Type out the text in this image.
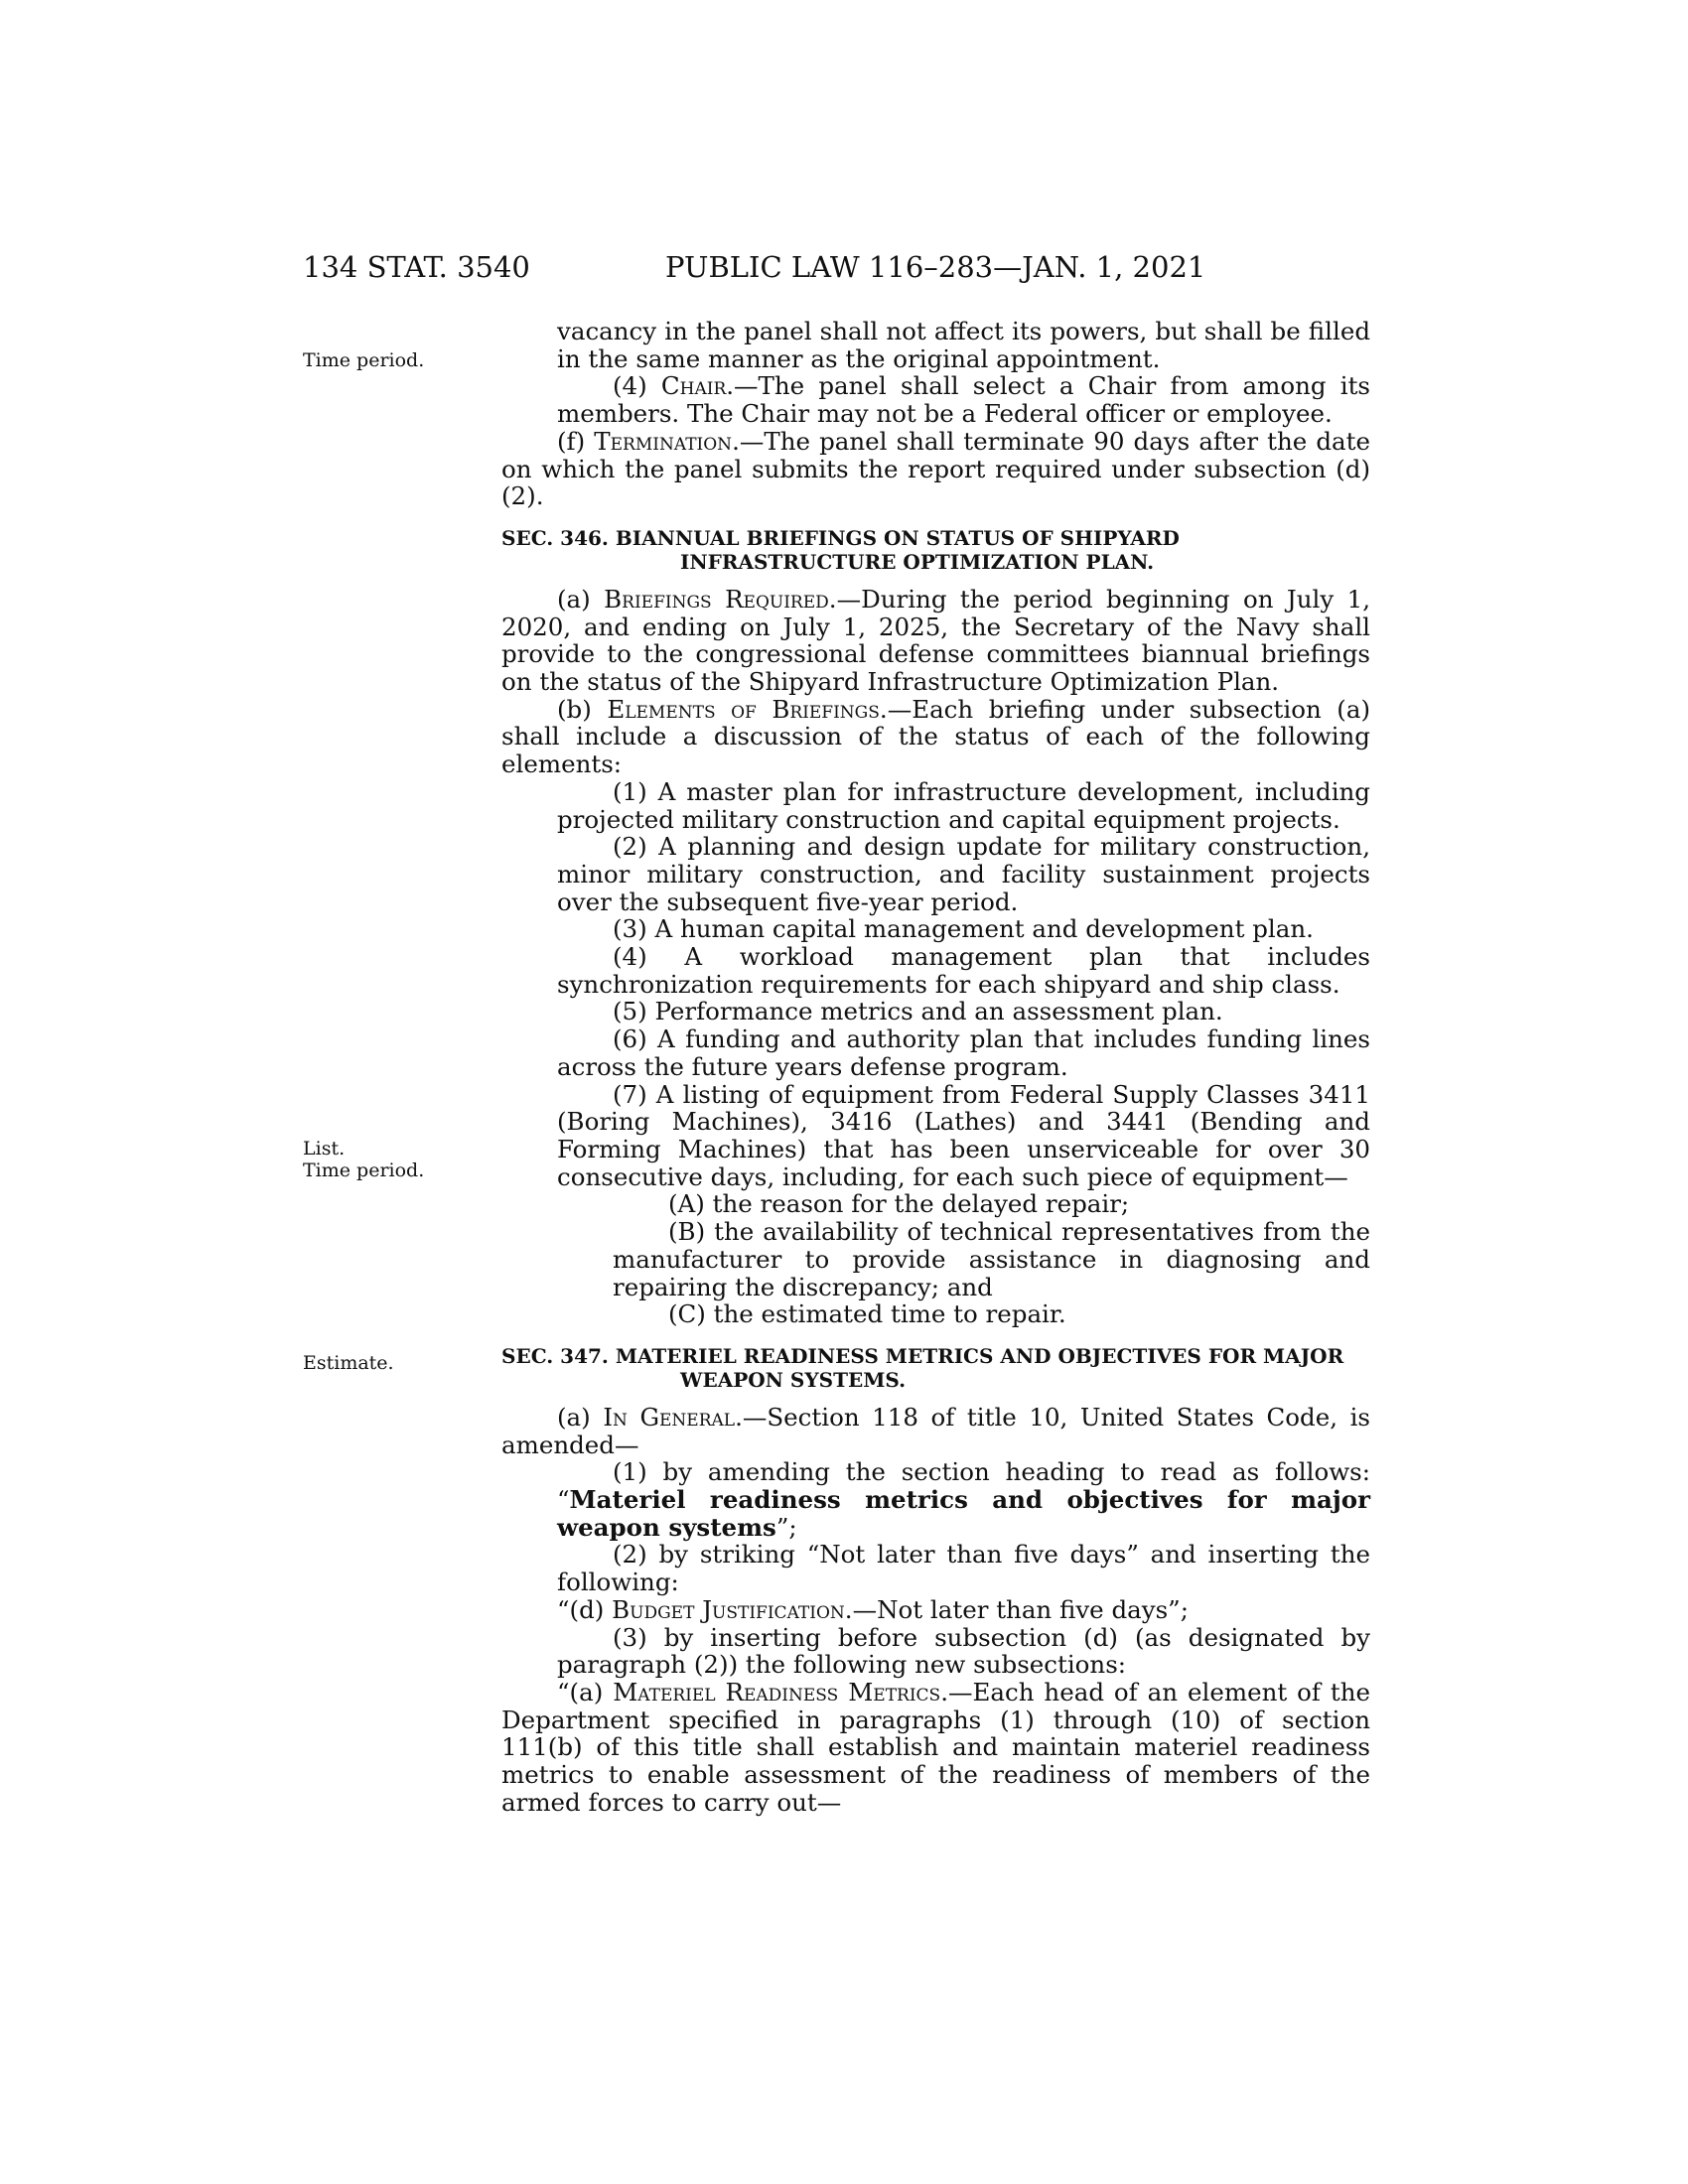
134 STAT. 3540	PUBLIC LAW 116–283—JAN. 1, 2021
Time period.
List.
Time period.
Estimate.

vacancy in the panel shall not affect its powers, but shall be filled in the same manner as the original appointment.

(4) Chair.—The panel shall select a Chair from among its members. The Chair may not be a Federal officer or employee.

(f) Termination.—The panel shall terminate 90 days after the date on which the panel submits the report required under subsection (d)(2).

SEC. 346. BIANNUAL BRIEFINGS ON STATUS OF SHIPYARD INFRASTRUCTURE OPTIMIZATION PLAN.

(a) Briefings Required.—During the period beginning on July 1, 2020, and ending on July 1, 2025, the Secretary of the Navy shall provide to the congressional defense committees biannual briefings on the status of the Shipyard Infrastructure Optimization Plan.

(b) Elements of Briefings.—Each briefing under subsection (a) shall include a discussion of the status of each of the following elements:

(1) A master plan for infrastructure development, including projected military construction and capital equipment projects.

(2) A planning and design update for military construction, minor military construction, and facility sustainment projects over the subsequent five-year period.

(3) A human capital management and development plan.

(4) A workload management plan that includes synchronization requirements for each shipyard and ship class.

(5) Performance metrics and an assessment plan.

(6) A funding and authority plan that includes funding lines across the future years defense program.

(7) A listing of equipment from Federal Supply Classes 3411 (Boring Machines), 3416 (Lathes) and 3441 (Bending and Forming Machines) that has been unserviceable for over 30 consecutive days, including, for each such piece of equipment—

(A) the reason for the delayed repair;

(B) the availability of technical representatives from the manufacturer to provide assistance in diagnosing and repairing the discrepancy; and

(C) the estimated time to repair.

SEC. 347. MATERIEL READINESS METRICS AND OBJECTIVES FOR MAJOR WEAPON SYSTEMS.

(a) In General.—Section 118 of title 10, United States Code, is amended—

(1) by amending the section heading to read as follows: “Materiel readiness metrics and objectives for major weapon systems”;

(2) by striking “Not later than five days” and inserting the following:

“(d) Budget Justification.—Not later than five days”;

(3) by inserting before subsection (d) (as designated by paragraph (2)) the following new subsections:

“(a) Materiel Readiness Metrics.—Each head of an element of the Department specified in paragraphs (1) through (10) of section 111(b) of this title shall establish and maintain materiel readiness metrics to enable assessment of the readiness of members of the armed forces to carry out—
